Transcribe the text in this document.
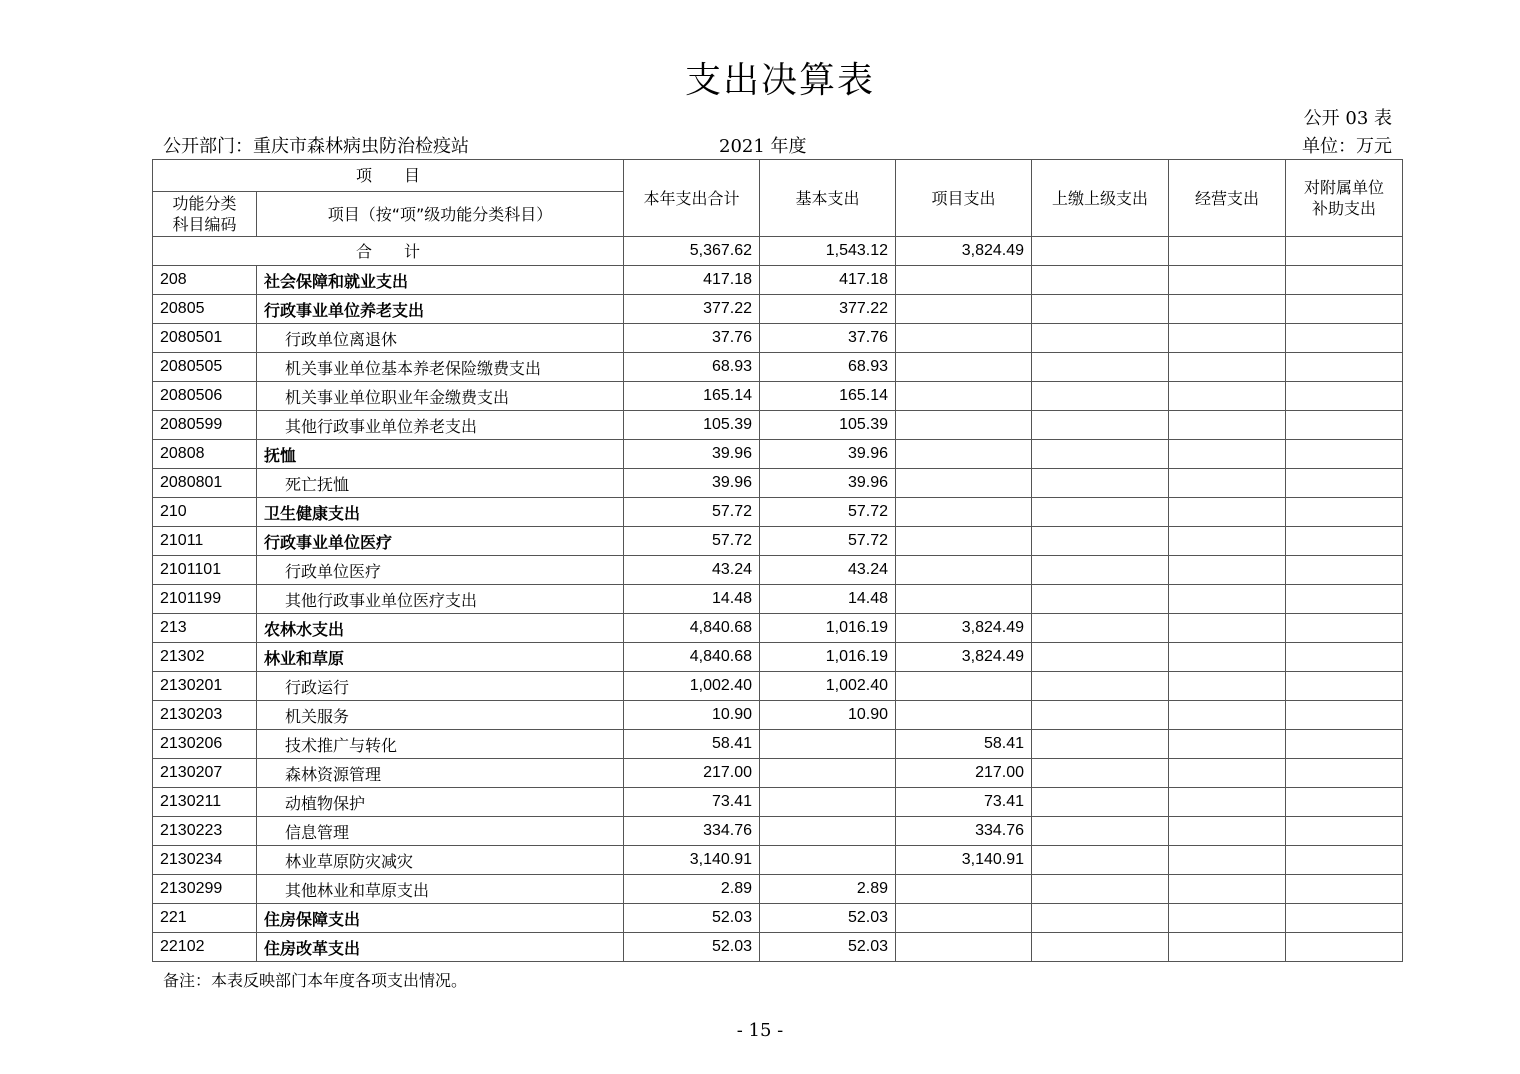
支出决算表
公开 03 表
公开部门：重庆市森林病虫防治检疫站	2021 年度	单位：万元
项　　目		本年支出合计	基本支出	项目支出	上缴上级支出	经营支出	对附属单位
补助支出
功能分类
科目编码	项目（按“项”级功能分类科目）						
合　　计		5,367.62	1,543.12	3,824.49			
208	社会保障和就业支出	417.18	417.18				
20805	行政事业单位养老支出	377.22	377.22				
2080501	行政单位离退休	37.76	37.76				
2080505	机关事业单位基本养老保险缴费支出	68.93	68.93				
2080506	机关事业单位职业年金缴费支出	165.14	165.14				
2080599	其他行政事业单位养老支出	105.39	105.39				
20808	抚恤	39.96	39.96				
2080801	死亡抚恤	39.96	39.96				
210	卫生健康支出	57.72	57.72				
21011	行政事业单位医疗	57.72	57.72				
2101101	行政单位医疗	43.24	43.24				
2101199	其他行政事业单位医疗支出	14.48	14.48				
213	农林水支出	4,840.68	1,016.19	3,824.49			
21302	林业和草原	4,840.68	1,016.19	3,824.49			
2130201	行政运行	1,002.40	1,002.40				
2130203	机关服务	10.90	10.90				
2130206	技术推广与转化	58.41		58.41			
2130207	森林资源管理	217.00		217.00			
2130211	动植物保护	73.41		73.41			
2130223	信息管理	334.76		334.76			
2130234	林业草原防灾减灾	3,140.91		3,140.91			
2130299	其他林业和草原支出	2.89	2.89				
221	住房保障支出	52.03	52.03				
22102	住房改革支出	52.03	52.03				
备注：本表反映部门本年度各项支出情况。
- 15 -
